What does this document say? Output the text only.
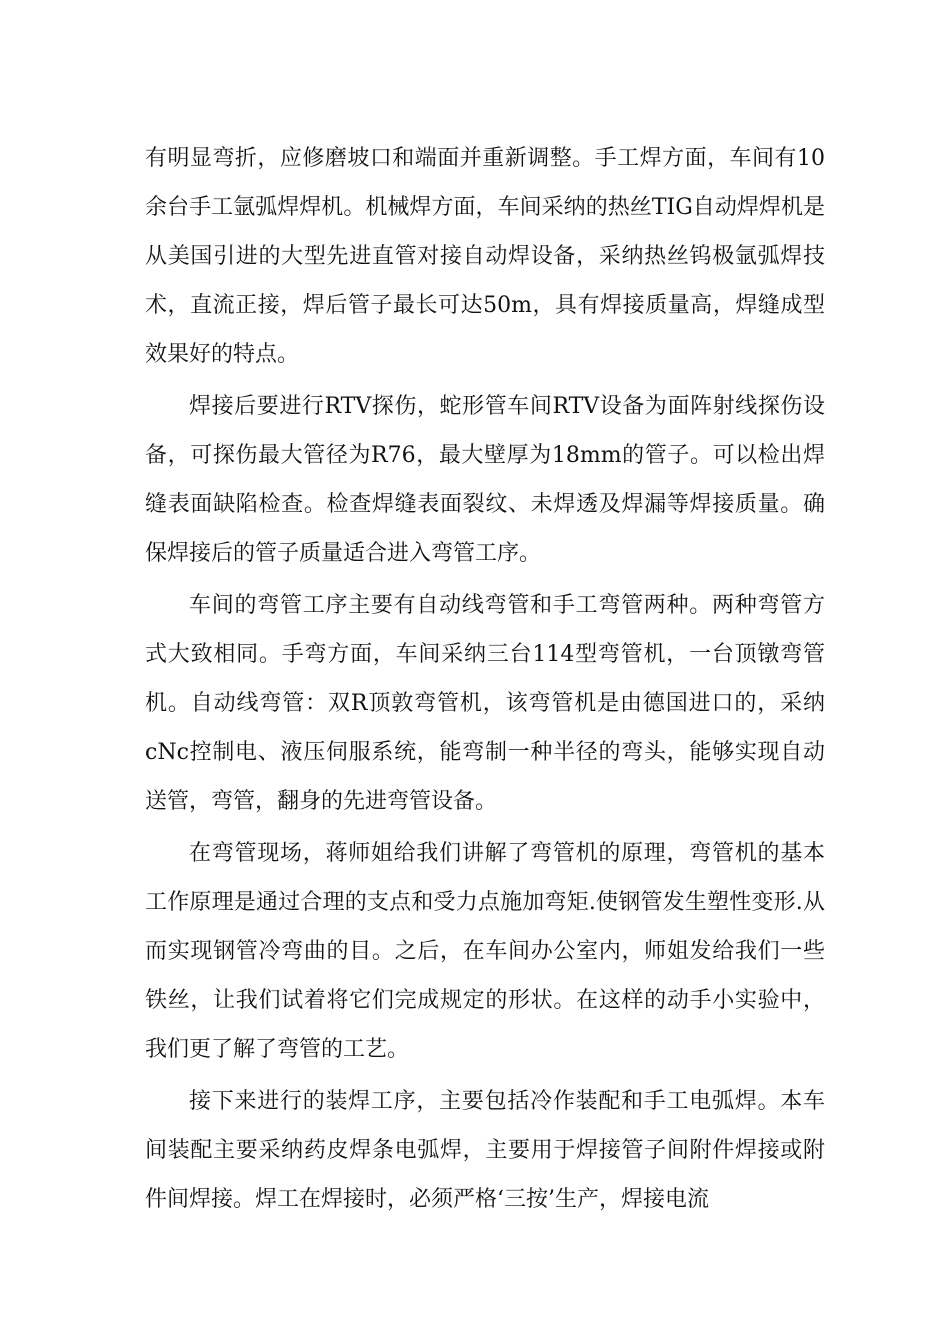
有明显弯折，应修磨坡口和端面并重新调整。手工焊方面，车间有10余台手工氩弧焊焊机。机械焊方面，车间采纳的热丝TIG自动焊焊机是从美国引进的大型先进直管对接自动焊设备，采纳热丝钨极氩弧焊技术，直流正接，焊后管子最长可达50m，具有焊接质量高，焊缝成型效果好的特点。

焊接后要进行RTV探伤，蛇形管车间RTV设备为面阵射线探伤设备，可探伤最大管径为R76，最大壁厚为18mm的管子。可以检出焊缝表面缺陷检查。检查焊缝表面裂纹、未焊透及焊漏等焊接质量。确保焊接后的管子质量适合进入弯管工序。

车间的弯管工序主要有自动线弯管和手工弯管两种。两种弯管方式大致相同。手弯方面，车间采纳三台114型弯管机，一台顶镦弯管机。自动线弯管：双R顶敦弯管机，该弯管机是由德国进口的，采纳cNc控制电、液压伺服系统，能弯制一种半径的弯头，能够实现自动送管，弯管，翻身的先进弯管设备。

在弯管现场，蒋师姐给我们讲解了弯管机的原理，弯管机的基本工作原理是通过合理的支点和受力点施加弯矩.使钢管发生塑性变形.从而实现钢管冷弯曲的目。之后，在车间办公室内，师姐发给我们一些铁丝，让我们试着将它们完成规定的形状。在这样的动手小实验中，我们更了解了弯管的工艺。

接下来进行的装焊工序，主要包括冷作装配和手工电弧焊。本车间装配主要采纳药皮焊条电弧焊，主要用于焊接管子间附件焊接或附件间焊接。焊工在焊接时，必须严格‘三按’生产，焊接电流
